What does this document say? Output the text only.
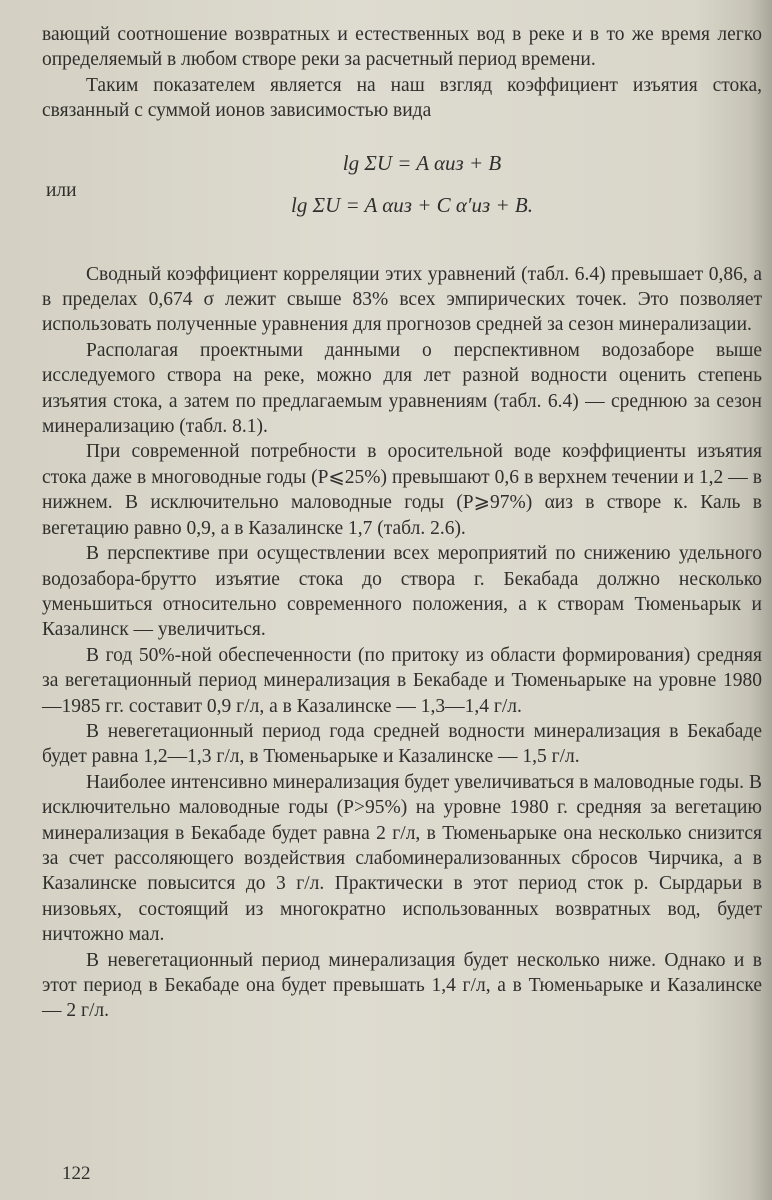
вающий соотношение возвратных и естественных вод в реке и в то же время легко определяемый в любом створе реки за расчетный период времени.

Таким показателем является на наш взгляд коэффициент изъятия стока, связанный с суммой ионов зависимостью вида

lg ΣU = A αиз + B

или

lg ΣU = A αиз + C α′из + B.

Сводный коэффициент корреляции этих уравнений (табл. 6.4) превышает 0,86, а в пределах 0,674 σ лежит свыше 83% всех эмпирических точек. Это позволяет использовать полученные уравнения для прогнозов средней за сезон минерализации.

Располагая проектными данными о перспективном водозаборе выше исследуемого створа на реке, можно для лет разной водности оценить степень изъятия стока, а затем по предлагаемым уравнениям (табл. 6.4) — среднюю за сезон минерализацию (табл. 8.1).

При современной потребности в оросительной воде коэффициенты изъятия стока даже в многоводные годы (P⩽25%) превышают 0,6 в верхнем течении и 1,2 — в нижнем. В исключительно маловодные годы (P⩾97%) αиз в створе к. Каль в вегетацию равно 0,9, а в Казалинске 1,7 (табл. 2.6).

В перспективе при осуществлении всех мероприятий по снижению удельного водозабора-брутто изъятие стока до створа г. Бекабада должно несколько уменьшиться относительно современного положения, а к створам Тюменьарык и Казалинск — увеличиться.

В год 50%-ной обеспеченности (по притоку из области формирования) средняя за вегетационный период минерализация в Бекабаде и Тюменьарыке на уровне 1980—1985 гг. составит 0,9 г/л, а в Казалинске — 1,3—1,4 г/л.

В невегетационный период года средней водности минерализация в Бекабаде будет равна 1,2—1,3 г/л, в Тюменьарыке и Казалинске — 1,5 г/л.

Наиболее интенсивно минерализация будет увеличиваться в маловодные годы. В исключительно маловодные годы (P>95%) на уровне 1980 г. средняя за вегетацию минерализация в Бекабаде будет равна 2 г/л, в Тюменьарыке она несколько снизится за счет рассоляющего воздействия слабоминерализованных сбросов Чирчика, а в Казалинске повысится до 3 г/л. Практически в этот период сток р. Сырдарьи в низовьях, состоящий из многократно использованных возвратных вод, будет ничтожно мал.

В невегетационный период минерализация будет несколько ниже. Однако и в этот период в Бекабаде она будет превышать 1,4 г/л, а в Тюменьарыке и Казалинске — 2 г/л.

122
